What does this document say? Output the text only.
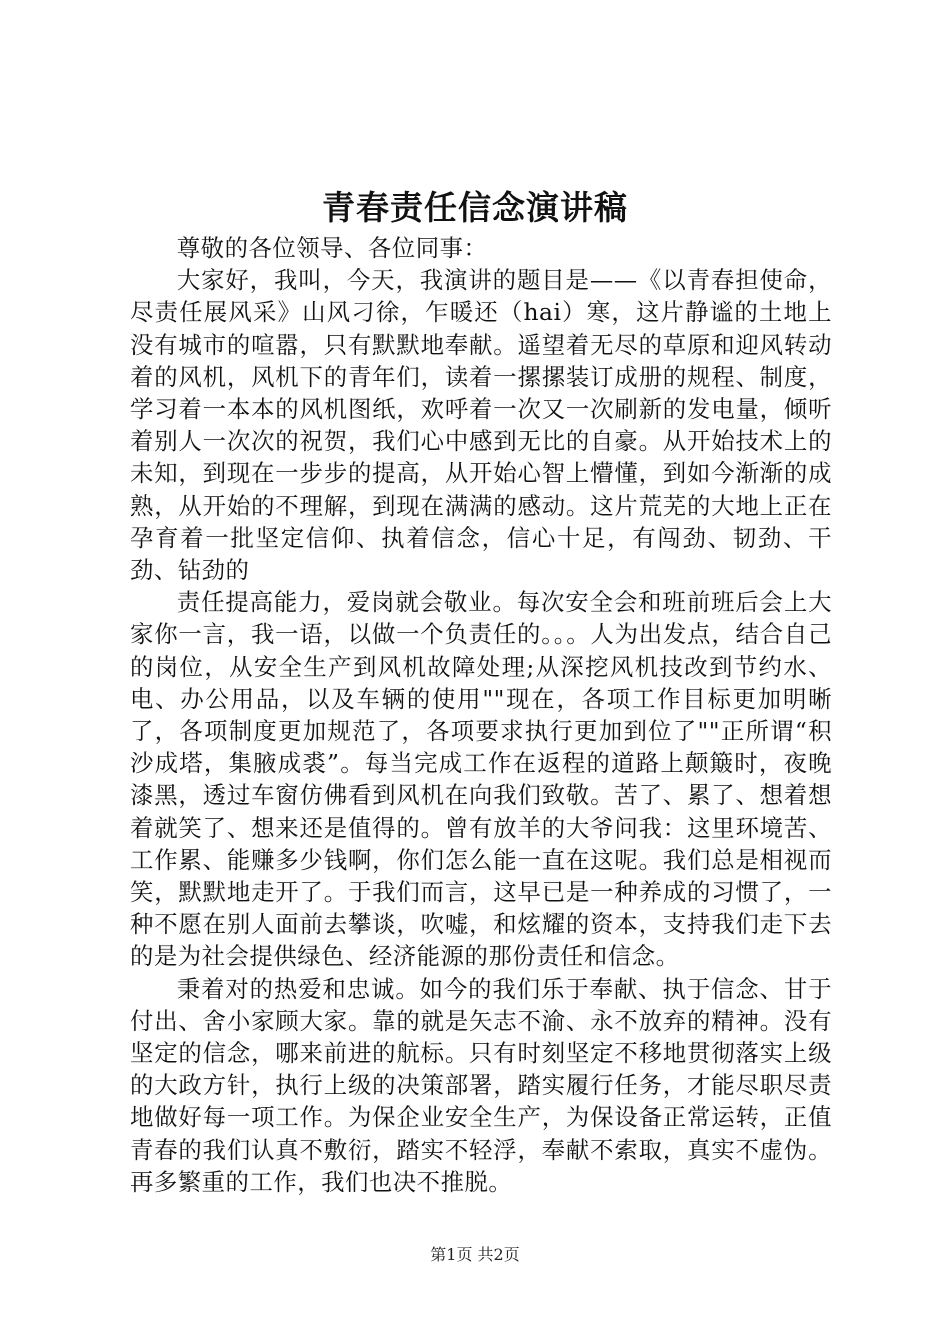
青春责任信念演讲稿

尊敬的各位领导、各位同事：

大家好，我叫，今天，我演讲的题目是——《以青春担使命，尽责任展风采》山风刁徐，乍暖还（hai）寒，这片静谧的土地上没有城市的喧嚣，只有默默地奉献。遥望着无尽的草原和迎风转动着的风机，风机下的青年们，读着一摞摞装订成册的规程、制度，学习着一本本的风机图纸，欢呼着一次又一次刷新的发电量，倾听着别人一次次的祝贺，我们心中感到无比的自豪。从开始技术上的未知，到现在一步步的提高，从开始心智上懵懂，到如今渐渐的成熟，从开始的不理解，到现在满满的感动。这片荒芜的大地上正在孕育着一批坚定信仰、执着信念，信心十足，有闯劲、韧劲、干劲、钻劲的

责任提高能力，爱岗就会敬业。每次安全会和班前班后会上大家你一言，我一语，以做一个负责任的。。。人为出发点，结合自己的岗位，从安全生产到风机故障处理;从深挖风机技改到节约水、电、办公用品，以及车辆的使用""现在，各项工作目标更加明晰了，各项制度更加规范了，各项要求执行更加到位了""正所谓“积沙成塔，集腋成裘”。每当完成工作在返程的道路上颠簸时，夜晚漆黑，透过车窗仿佛看到风机在向我们致敬。苦了、累了、想着想着就笑了、想来还是值得的。曾有放羊的大爷问我：这里环境苦、工作累、能赚多少钱啊，你们怎么能一直在这呢。我们总是相视而笑，默默地走开了。于我们而言，这早已是一种养成的习惯了，一种不愿在别人面前去攀谈，吹嘘，和炫耀的资本，支持我们走下去的是为社会提供绿色、经济能源的那份责任和信念。

秉着对的热爱和忠诚。如今的我们乐于奉献、执于信念、甘于付出、舍小家顾大家。靠的就是矢志不渝、永不放弃的精神。没有坚定的信念，哪来前进的航标。只有时刻坚定不移地贯彻落实上级的大政方针，执行上级的决策部署，踏实履行任务，才能尽职尽责地做好每一项工作。为保企业安全生产，为保设备正常运转，正值青春的我们认真不敷衍，踏实不轻浮，奉献不索取，真实不虚伪。再多繁重的工作，我们也决不推脱。

第1页 共2页
